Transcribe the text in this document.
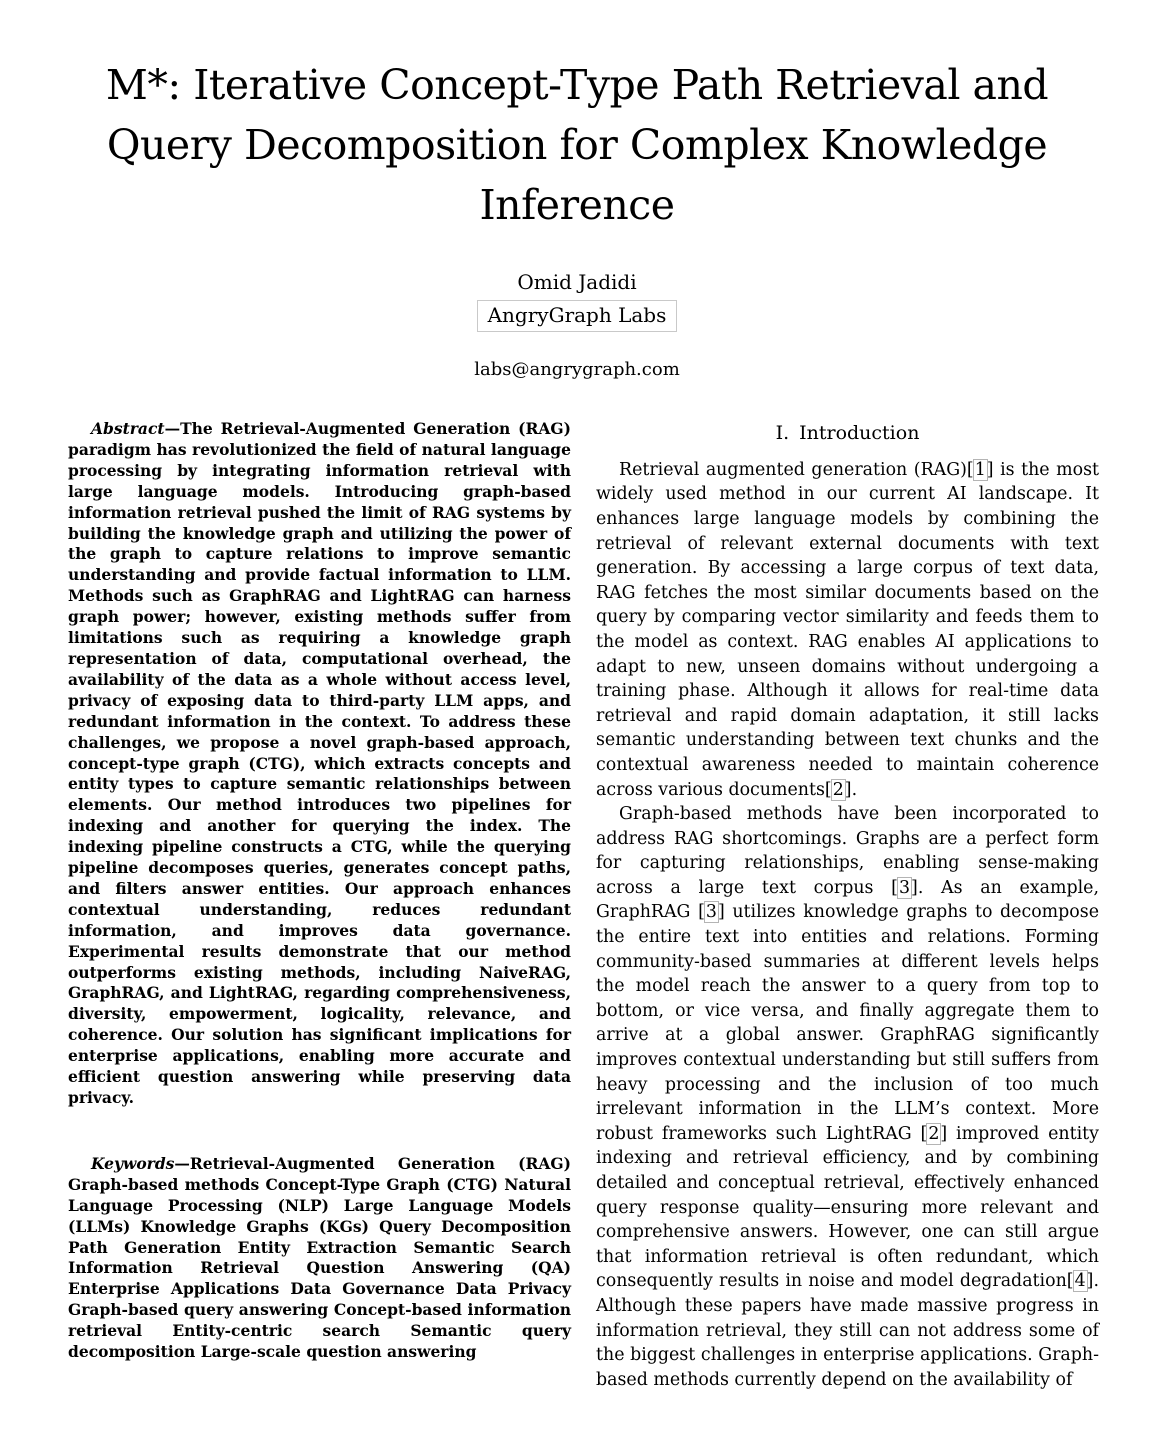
M*: Iterative Concept-Type Path Retrieval and
Query Decomposition for Complex Knowledge
Inference
Omid Jadidi
AngryGraph Labs
labs@angrygraph.com

Abstract—The Retrieval-Augmented Generation (RAG) paradigm has revolutionized the field of natural language processing by integrating information retrieval with large language models. Introducing graph-based information retrieval pushed the limit of RAG systems by building the knowledge graph and utilizing the power of the graph to capture relations to improve semantic understanding and provide factual information to LLM. Methods such as GraphRAG and LightRAG can harness graph power; however, existing methods suffer from limitations such as requiring a knowledge graph representation of data, computational overhead, the availability of the data as a whole without access level, privacy of exposing data to third-party LLM apps, and redundant information in the context. To address these challenges, we propose a novel graph-based approach, concept-type graph (CTG), which extracts concepts and entity types to capture semantic relationships between elements. Our method introduces two pipelines for indexing and another for querying the index. The indexing pipeline constructs a CTG, while the querying pipeline decomposes queries, generates concept paths, and filters answer entities. Our approach enhances contextual understanding, reduces redundant information, and improves data governance. Experimental results demonstrate that our method outperforms existing methods, including NaiveRAG, GraphRAG, and LightRAG, regarding comprehensiveness, diversity, empowerment, logicality, relevance, and coherence. Our solution has significant implications for enterprise applications, enabling more accurate and efficient question answering while preserving data privacy.

Keywords—Retrieval-Augmented Generation (RAG) Graph-based methods Concept-Type Graph (CTG) Natural Language Processing (NLP) Large Language Models (LLMs) Knowledge Graphs (KGs) Query Decomposition Path Generation Entity Extraction Semantic Search Information Retrieval Question Answering (QA) Enterprise Applications Data Governance Data Privacy Graph-based query answering Concept-based information retrieval Entity-centric search Semantic query decomposition Large-scale question answering

I. Introduction

Retrieval augmented generation (RAG)[1] is the most widely used method in our current AI landscape. It enhances large language models by combining the retrieval of relevant external documents with text generation. By accessing a large corpus of text data, RAG fetches the most similar documents based on the query by comparing vector similarity and feeds them to the model as context. RAG enables AI applications to adapt to new, unseen domains without undergoing a training phase. Although it allows for real-time data retrieval and rapid domain adaptation, it still lacks semantic understanding between text chunks and the contextual awareness needed to maintain coherence across various documents[2].

Graph-based methods have been incorporated to address RAG shortcomings. Graphs are a perfect form for capturing relationships, enabling sense-making across a large text corpus [3]. As an example, GraphRAG [3] utilizes knowledge graphs to decompose the entire text into entities and relations. Forming community-based summaries at different levels helps the model reach the answer to a query from top to bottom, or vice versa, and finally aggregate them to arrive at a global answer. GraphRAG significantly improves contextual understanding but still suffers from heavy processing and the inclusion of too much irrelevant information in the LLM’s context. More robust frameworks such LightRAG [2] improved entity indexing and retrieval efficiency, and by combining detailed and conceptual retrieval, effectively enhanced query response quality—ensuring more relevant and comprehensive answers. However, one can still argue that information retrieval is often redundant, which consequently results in noise and model degradation[4]. Although these papers have made massive progress in information retrieval, they still can not address some of the biggest challenges in enterprise applications. Graph-based methods currently depend on the availability of
